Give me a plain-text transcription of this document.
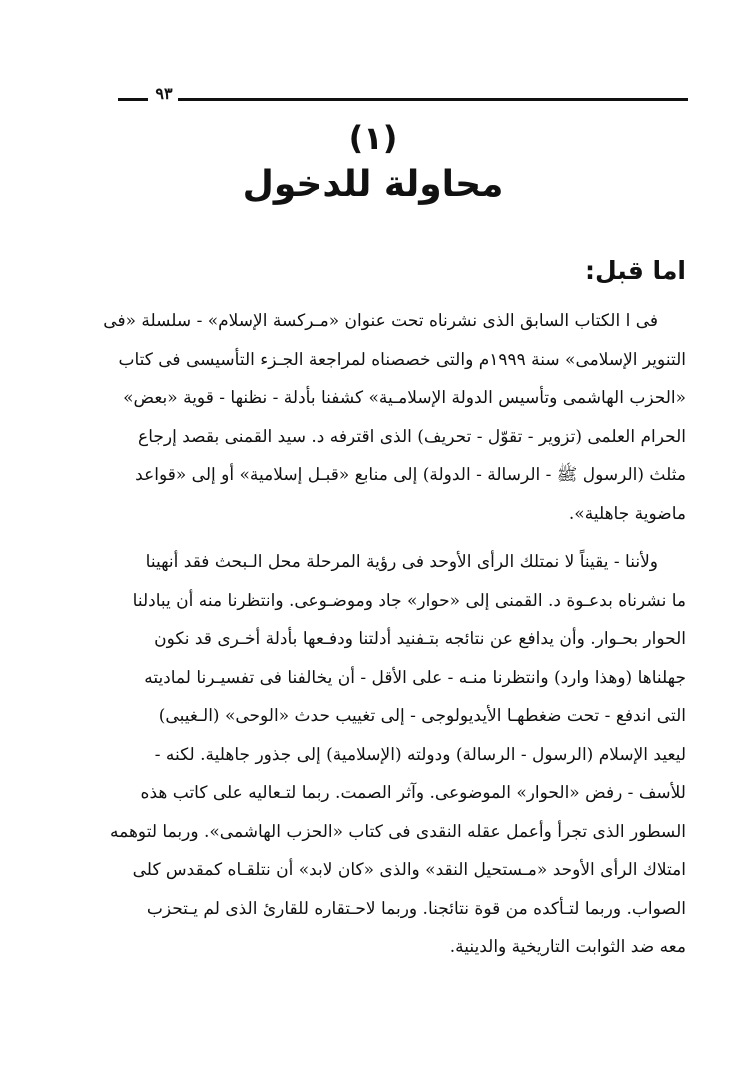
٩٣
(١)
محاولة للدخول
اما قبل:
فى ا الكتاب السابق الذى نشرناه تحت عنوان «مـركسة الإسلام» - سلسلة «فى
التنوير الإسلامى» سنة ١٩٩٩م والتى خصصناه لمراجعة الجـزء التأسيسى فى كتاب
«الحزب الهاشمى وتأسيس الدولة الإسلامـية» كشفنا بأدلة - نظنها - قوية «بعض»
الحرام العلمى (تزوير - تقوّل - تحريف) الذى اقترفه د. سيد القمنى بقصد إرجاع
مثلث (الرسول ﷺ - الرسالة - الدولة) إلى منابع «قبـل إسلامية» أو إلى «قواعد
ماضوية جاهلية».
ولأننا - يقيناً لا نمتلك الرأى الأوحد فى رؤية المرحلة محل الـبحث فقد أنهينا
ما نشرناه بدعـوة د. القمنى إلى «حوار» جاد وموضـوعى. وانتظرنا منه أن يبادلنا
الحوار بحـوار. وأن يدافع عن نتائجه بتـفنيد أدلتنا ودفـعها بأدلة أخـرى قد نكون
جهلناها (وهذا وارد) وانتظرنا منـه - على الأقل - أن يخالفنا فى تفسيـرنا لماديته
التى اندفع - تحت ضغطهـا الأيديولوجى - إلى تغييب حدث «الوحى» (الـغيبى)
ليعيد الإسلام (الرسول - الرسالة) ودولته (الإسلامية) إلى جذور جاهلية. لكنه -
للأسف - رفض «الحوار» الموضوعى. وآثر الصمت. ربما لتـعاليه على كاتب هذه
السطور الذى تجرأ وأعمل عقله النقدى فى كتاب «الحزب الهاشمى». وربما لتوهمه
امتلاك الرأى الأوحد «مـستحيل النقد» والذى «كان لابد» أن نتلقـاه كمقدس كلى
الصواب. وربما لتـأكده من قوة نتائجنا. وربما لاحـتقاره للقارئ الذى لم يـتحزب
معه ضد الثوابت التاريخية والدينية.
